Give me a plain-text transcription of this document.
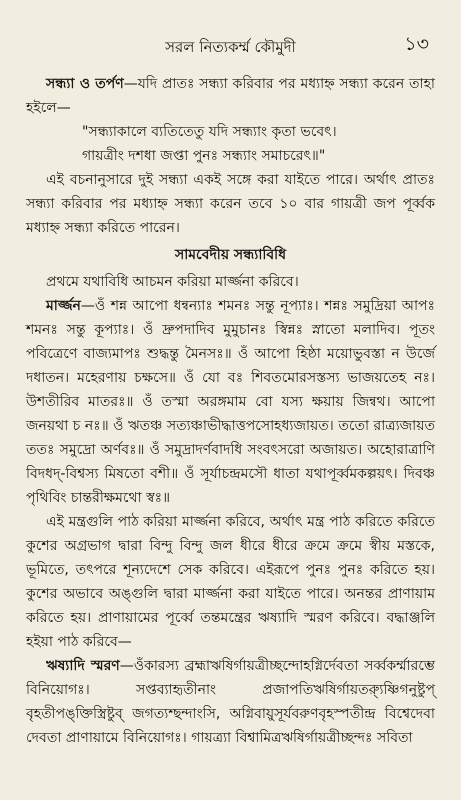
সরল নিত্যকর্ম্ম কৌমুদী	১৩

সন্ধ্যা ও তর্পণ—যদি প্রাতঃ সন্ধ্যা করিবার পর মধ্যাহ্ন সন্ধ্যা করেন তাহা হইলে—

"সন্ধ্যাকালে ব্যতিতেতু যদি সন্ধ্যাং কৃতা ভবেৎ।

গায়ত্রীং দশধা জপ্তা পুনঃ সন্ধ্যাং সমাচরেৎ॥"

এই বচনানুসারে দুই সন্ধ্যা একই সঙ্গে করা যাইতে পারে। অর্থাৎ প্রাতঃ সন্ধ্যা করিবার পর মধ্যাহ্ন সন্ধ্যা করেন তবে ১০ বার গায়ত্রী জপ পূর্ব্বক মধ্যাহ্ন সন্ধ্যা করিতে পারেন।

সামবেদীয় সন্ধ্যাবিধি

প্রথমে যথাবিধি আচমন করিয়া মার্জ্জনা করিবে।

মার্জ্জন—ওঁ শন্ন আপো ধন্বন্যাঃ শমনঃ সন্তু নূপ্যাঃ। শন্নঃ সমুদ্রিয়া আপঃ শমনঃ সন্তু কূপ্যাঃ। ওঁ দ্রুপদাদিব মুমুচানঃ স্বিন্নঃ স্নাতো মলাদিব। পূতং পবিত্রেণে বাজ্যমাপঃ শুদ্ধন্তু মৈনসঃ॥ ওঁ আপো হিষ্ঠা ময়োভুবস্তা ন উর্জে দধাতন। মহেরণায় চক্ষসে॥ ওঁ যো বঃ শিবতমোরসস্তস্য ভাজয়তেহ নঃ। উশতীরিব মাতরঃ॥ ওঁ তস্মা অরঙ্গমাম বো যস্য ক্ষয়ায় জিন্বথ। আপো জনয়থা চ নঃ॥ ওঁ ঋতঞ্চ সত্যঞ্চাভীদ্ধাত্তপসোহধ্যজায়ত। ততো রাত্র্যজায়ত ততঃ সমুদ্রো অর্ণবঃ॥ ওঁ সমুদ্রাদর্ণবাদধি সংবৎসরো অজায়ত। অহোরাত্রাণি বিদধদ্‌-বিশ্বস্য মিষতো বশী॥ ওঁ সূর্যাচন্দ্রমসৌ ধাতা যথাপূর্ব্বমকল্পয়ৎ। দিবঞ্চ পৃথিবিং চান্তরীক্ষমথো স্বঃ॥

এই মন্ত্রগুলি পাঠ করিয়া মার্জ্জনা করিবে, অর্থাৎ মন্ত্র পাঠ করিতে করিতে কুশের অগ্রভাগ দ্বারা বিন্দু বিন্দু জল ধীরে ধীরে ক্রমে ক্রমে স্বীয় মস্তকে, ভূমিতে, তৎপরে শূন্যদেশে সেক করিবে। এইরূপে পুনঃ পুনঃ করিতে হয়। কুশের অভাবে অঙ্গুলি দ্বারা মার্জ্জনা করা যাইতে পারে। অনন্তর প্রাণায়াম করিতে হয়। প্রাণায়ামের পূর্ব্বে তন্তমন্ত্রের ঋষ্যাদি স্মরণ করিবে। বদ্ধাঞ্জলি হইয়া পাঠ করিবে—

ঋষ্যাদি স্মরণ—ওঁকারস্য ব্রহ্মাঋষির্গায়ত্রীচ্ছন্দোহগ্নির্দেবতা সর্ব্বকর্ম্মারম্ভে বিনিয়োগঃ। সপ্তব্যাহৃতীনাং প্রজাপতিঋষির্গায়ত্র্যুষ্ণিগনুষ্টুপ্‌ বৃহতীপঙ্‌ক্তিস্ত্রিষ্টুব্‌ জগত্যশ্ছন্দাংসি, অগ্নিবায়ুসূর্যবরুণবৃহস্পতীন্দ্র বিশ্বেদেবা দেবতা প্রাণায়ামে বিনিয়োগঃ। গায়ত্র্যা বিশ্বামিত্রঋষির্গায়ত্রীচ্ছন্দঃ সবিতা
